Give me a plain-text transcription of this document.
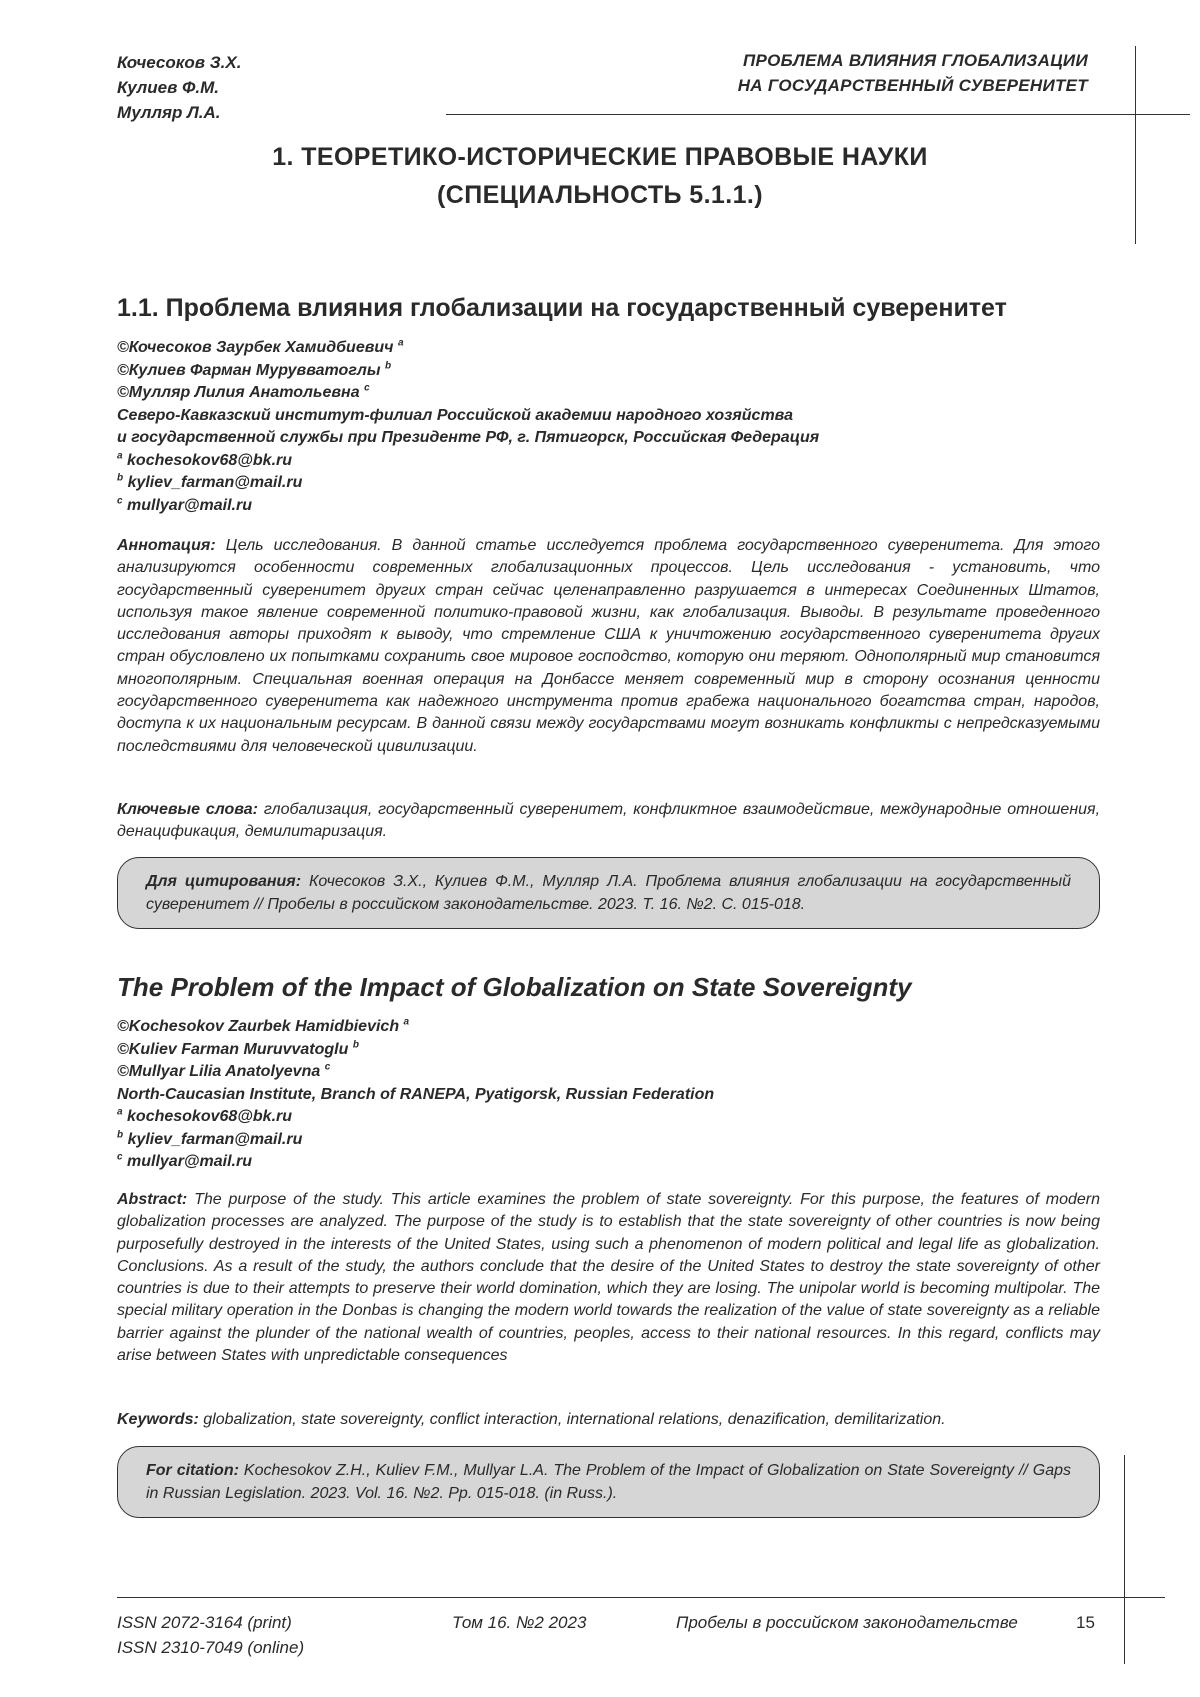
Кочесоков З.Х.
Кулиев Ф.М.
Мулляр Л.А.
ПРОБЛЕМА ВЛИЯНИЯ ГЛОБАЛИЗАЦИИ
НА ГОСУДАРСТВЕННЫЙ СУВЕРЕНИТЕТ
1. ТЕОРЕТИКО-ИСТОРИЧЕСКИЕ ПРАВОВЫЕ НАУКИ
(СПЕЦИАЛЬНОСТЬ 5.1.1.)
1.1. Проблема влияния глобализации на государственный суверенитет
©Кочесоков Заурбек Хамидбиевич $^a$
©Кулиев Фарман Мурувватоглы $^b$
©Мулляр Лилия Анатольевна $^c$
Северо-Кавказский институт-филиал Российской академии народного хозяйства
и государственной службы при Президенте РФ, г. Пятигорск, Российская Федерация
$^a$ kochesokov68@bk.ru
$^b$ kyliev_farman@mail.ru
$^c$ mullyar@mail.ru
Аннотация: Цель исследования. В данной статье исследуется проблема государственного суверенитета. Для этого анализируются особенности современных глобализационных процессов. Цель исследования - установить, что государственный суверенитет других стран сейчас целенаправленно разрушается в интересах Соединенных Штатов, используя такое явление современной политико-правовой жизни, как глобализация. Выводы. В результате проведенного исследования авторы приходят к выводу, что стремление США к уничтожению государственного суверенитета других стран обусловлено их попытками сохранить свое мировое господство, которую они теряют. Однополярный мир становится многополярным. Специальная военная операция на Донбассе меняет современный мир в сторону осознания ценности государственного суверенитета как надежного инструмента против грабежа национального богатства стран, народов, доступа к их национальным ресурсам. В данной связи между государствами могут возникать конфликты с непредсказуемыми последствиями для человеческой цивилизации.
Ключевые слова: глобализация, государственный суверенитет, конфликтное взаимодействие, международные отношения, денацификация, демилитаризация.
Для цитирования: Кочесоков З.Х., Кулиев Ф.М., Мулляр Л.А. Проблема влияния глобализации на государственный суверенитет // Пробелы в российском законодательстве. 2023. Т. 16. №2. С. 015-018.
The Problem of the Impact of Globalization on State Sovereignty
©Kochesokov Zaurbek Hamidbievich $^a$
©Kuliev Farman Muruvvatoglu $^b$
©Mullyar Lilia Anatolyevna $^c$
North-Caucasian Institute, Branch of RANEPA, Pyatigorsk, Russian Federation
$^a$ kochesokov68@bk.ru
$^b$ kyliev_farman@mail.ru
$^c$ mullyar@mail.ru
Abstract: The purpose of the study. This article examines the problem of state sovereignty. For this purpose, the features of modern globalization processes are analyzed. The purpose of the study is to establish that the state sovereignty of other countries is now being purposefully destroyed in the interests of the United States, using such a phenomenon of modern political and legal life as globalization. Conclusions. As a result of the study, the authors conclude that the desire of the United States to destroy the state sovereignty of other countries is due to their attempts to preserve their world domination, which they are losing. The unipolar world is becoming multipolar. The special military operation in the Donbas is changing the modern world towards the realization of the value of state sovereignty as a reliable barrier against the plunder of the national wealth of countries, peoples, access to their national resources. In this regard, conflicts may arise between States with unpredictable consequences
Keywords: globalization, state sovereignty, conflict interaction, international relations, denazification, demilitarization.
For citation: Kochesokov Z.H., Kuliev F.M., Mullyar L.A. The Problem of the Impact of Globalization on State Sovereignty // Gaps in Russian Legislation. 2023. Vol. 16. №2. Pp. 015-018. (in Russ.).
ISSN 2072-3164 (print)
ISSN 2310-7049 (online)
Том 16. №2 2023	Пробелы в российском законодательстве	15
